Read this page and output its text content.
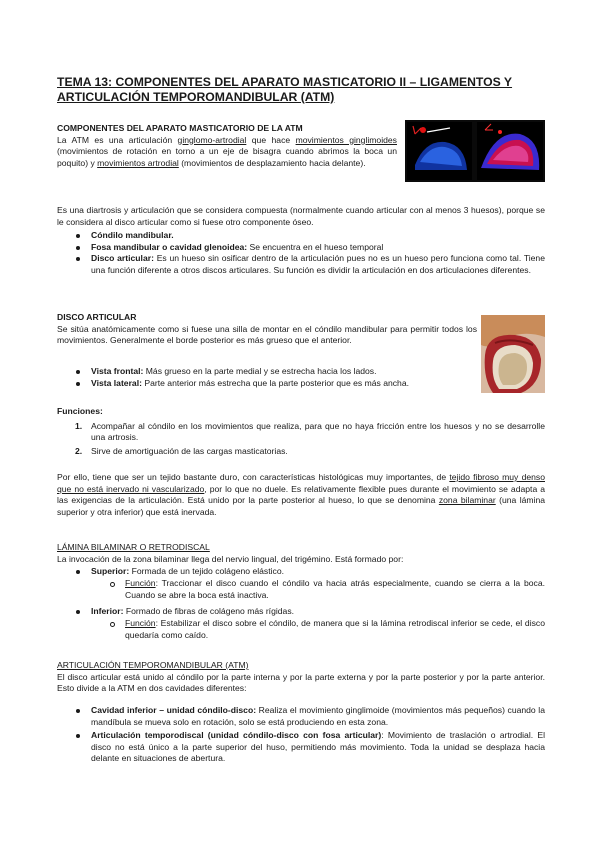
TEMA 13: COMPONENTES DEL APARATO MASTICATORIO II – LIGAMENTOS Y
ARTICULACIÓN TEMPOROMANDIBULAR (ATM)
COMPONENTES DEL APARATO MASTICATORIO DE LA ATM
La ATM es una articulación ginglomo-artrodial que hace movimientos ginglimoides (movimientos de rotación en torno a un eje de bisagra cuando abrimos la boca un poquito) y movimientos artrodial (movimientos de desplazamiento hacia delante).
Es una diartrosis y articulación que se considera compuesta (normalmente cuando articular con al menos 3 huesos), porque se le considera al disco articular como si fuese otro componente óseo.
Cóndilo mandibular.
Fosa mandibular o cavidad glenoidea: Se encuentra en el hueso temporal
Disco articular: Es un hueso sin osificar dentro de la articulación pues no es un hueso pero funciona como tal. Tiene una función diferente a otros discos articulares. Su función es dividir la articulación en dos articulaciones diferentes.
DISCO ARTICULAR
Se sitúa anatómicamente como si fuese una silla de montar en el cóndilo mandibular para permitir todos los movimientos. Generalmente el borde posterior es más grueso que el anterior.
Vista frontal: Más grueso en la parte medial y se estrecha hacia los lados.
Vista lateral: Parte anterior más estrecha que la parte posterior que es más ancha.
Funciones:
1. Acompañar al cóndilo en los movimientos que realiza, para que no haya fricción entre los huesos y no se desarrolle una artrosis.
2. Sirve de amortiguación de las cargas masticatorias.
Por ello, tiene que ser un tejido bastante duro, con características histológicas muy importantes, de tejido fibroso muy denso que no está inervado ni vascularizado, por lo que no duele. Es relativamente flexible pues durante el movimiento se adapta a las exigencias de la articulación. Está unido por la parte posterior al hueso, lo que se denomina zona bilaminar (una lámina superior y otra inferior) que está inervada.
LÁMINA BILAMINAR O RETRODISCAL
La invocación de la zona bilaminar llega del nervio lingual, del trigémino. Está formado por:
Superior: Formada de un tejido colágeno elástico.
Función: Traccionar el disco cuando el cóndilo va hacia atrás especialmente, cuando se cierra a la boca. Cuando se abre la boca está inactiva.
Inferior: Formado de fibras de colágeno más rígidas.
Función: Estabilizar el disco sobre el cóndilo, de manera que si la lámina retrodiscal inferior se cede, el disco quedaría como caído.
ARTICULACIÓN TEMPOROMANDIBULAR (ATM)
El disco articular está unido al cóndilo por la parte interna y por la parte externa y por la parte posterior y por la parte anterior. Esto divide a la ATM en dos cavidades diferentes:
Cavidad inferior – unidad cóndilo-disco: Realiza el movimiento ginglimoide (movimientos más pequeños) cuando la mandíbula se mueva solo en rotación, solo se está produciendo en esta zona.
Articulación temporodiscal (unidad cóndilo-disco con fosa articular): Movimiento de traslación o artrodial. El disco no está único a la parte superior del huso, permitiendo más movimiento. Toda la unidad se desplaza hacia delante en situaciones de abertura.
